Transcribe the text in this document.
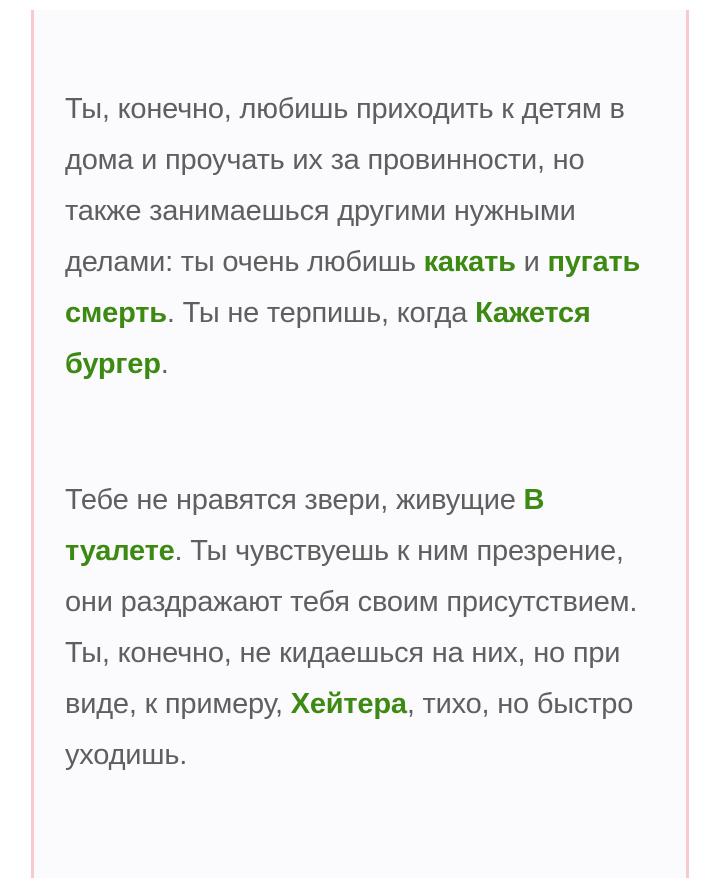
Ты, конечно, любишь приходить к детям в дома и проучать их за провинности, но также занимаешься другими нужными делами: ты очень любишь какать и пугать смерть. Ты не терпишь, когда Кажется бургер.

Тебе не нравятся звери, живущие В туалете. Ты чувствуешь к ним презрение, они раздражают тебя своим присутствием. Ты, конечно, не кидаешься на них, но при виде, к примеру, Хейтера, тихо, но быстро уходишь.
